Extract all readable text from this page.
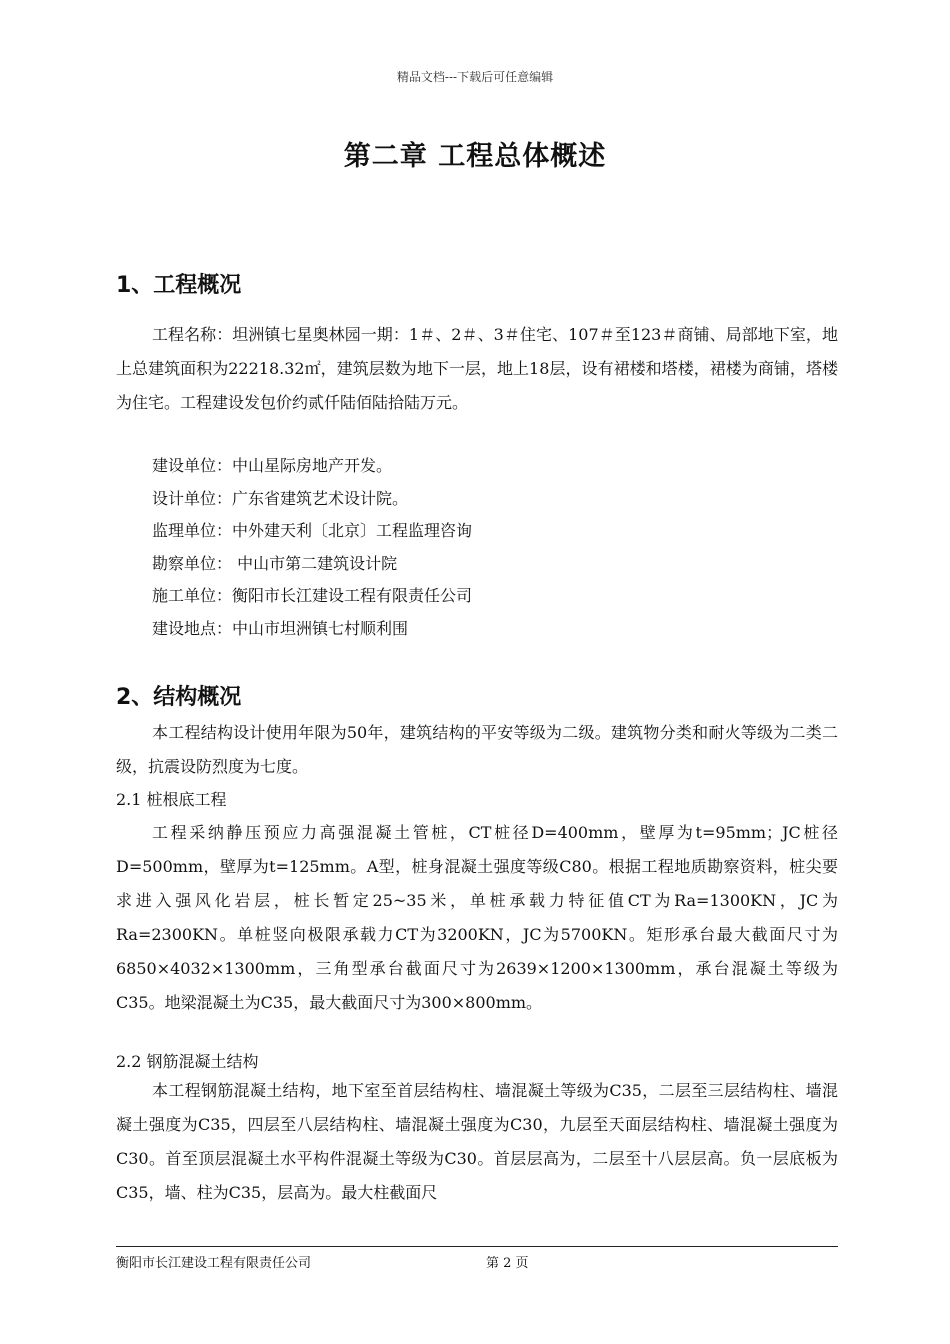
精品文档---下载后可任意编辑
第二章 工程总体概述
1、工程概况
工程名称：坦洲镇七星奥林园一期：1＃、2＃、3＃住宅、107＃至123＃商铺、局部地下室，地上总建筑面积为22218.32㎡，建筑层数为地下一层，地上18层，设有裙楼和塔楼，裙楼为商铺，塔楼为住宅。工程建设发包价约贰仟陆佰陆拾陆万元。
建设单位：中山星际房地产开发。
设计单位：广东省建筑艺术设计院。
监理单位：中外建天利〔北京〕工程监理咨询
勘察单位： 中山市第二建筑设计院
施工单位：衡阳市长江建设工程有限责任公司
建设地点：中山市坦洲镇七村顺利围
2、结构概况
本工程结构设计使用年限为50年，建筑结构的平安等级为二级。建筑物分类和耐火等级为二类二级，抗震设防烈度为七度。
2.1 桩根底工程
工程采纳静压预应力高强混凝土管桩，CT桩径D=400mm，壁厚为t=95mm；JC桩径D=500mm，壁厚为t=125mm。A型，桩身混凝土强度等级C80。根据工程地质勘察资料，桩尖要求进入强风化岩层，桩长暂定25~35米，单桩承载力特征值CT为Ra=1300KN，JC为Ra=2300KN。单桩竖向极限承载力CT为3200KN，JC为5700KN。矩形承台最大截面尺寸为6850×4032×1300mm，三角型承台截面尺寸为2639×1200×1300mm，承台混凝土等级为C35。地梁混凝土为C35，最大截面尺寸为300×800mm。
2.2 钢筋混凝土结构
本工程钢筋混凝土结构，地下室至首层结构柱、墙混凝土等级为C35，二层至三层结构柱、墙混凝土强度为C35，四层至八层结构柱、墙混凝土强度为C30，九层至天面层结构柱、墙混凝土强度为C30。首至顶层混凝土水平构件混凝土等级为C30。首层层高为，二层至十八层层高。负一层底板为C35，墙、柱为C35，层高为。最大柱截面尺
衡阳市长江建设工程有限责任公司	第 2 页
